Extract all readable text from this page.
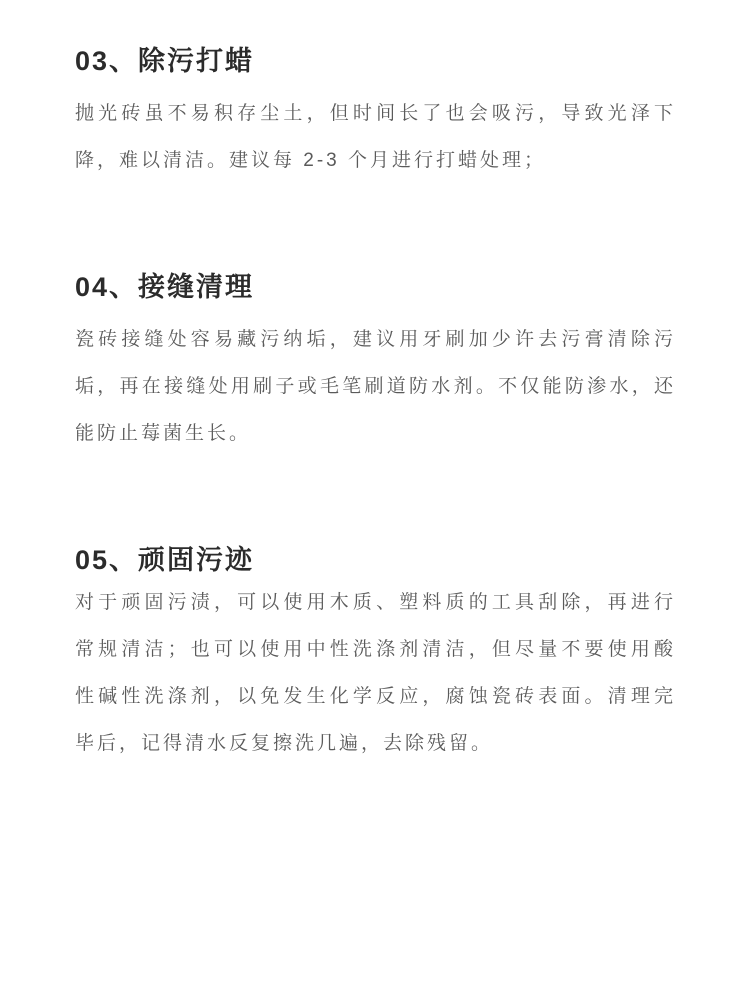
03、除污打蜡
抛光砖虽不易积存尘土，但时间长了也会吸污，导致光泽下
降，难以清洁。建议每 2-3 个月进行打蜡处理；
04、接缝清理
瓷砖接缝处容易藏污纳垢，建议用牙刷加少许去污膏清除污
垢，再在接缝处用刷子或毛笔刷道防水剂。不仅能防渗水，还
能防止莓菌生长。
05、顽固污迹
对于顽固污渍，可以使用木质、塑料质的工具刮除，再进行
常规清洁；也可以使用中性洗涤剂清洁，但尽量不要使用酸
性碱性洗涤剂，以免发生化学反应，腐蚀瓷砖表面。清理完
毕后，记得清水反复擦洗几遍，去除残留。
